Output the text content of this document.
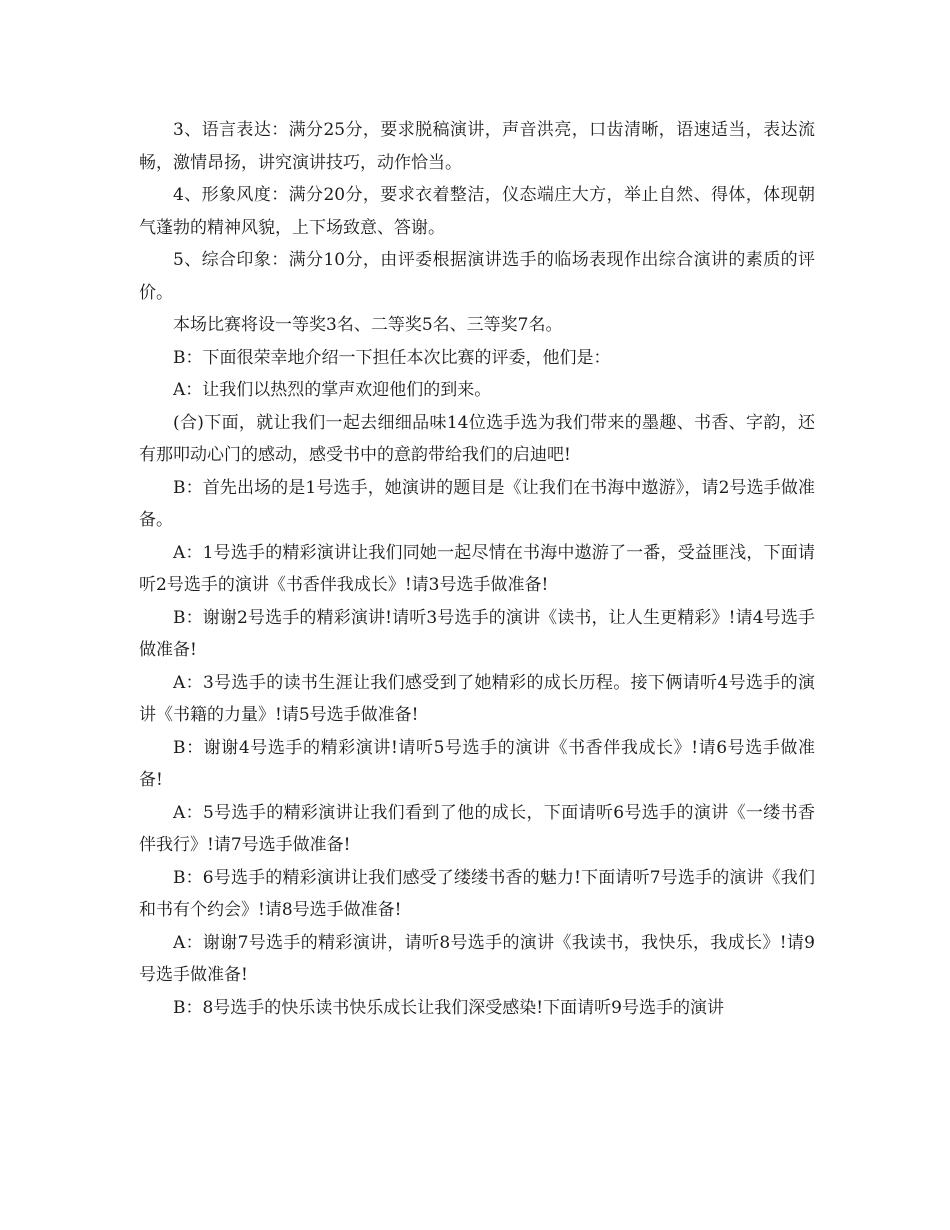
3、语言表达：满分25分，要求脱稿演讲，声音洪亮，口齿清晰，语速适当，表达流畅，激情昂扬，讲究演讲技巧，动作恰当。

4、形象风度：满分20分，要求衣着整洁，仪态端庄大方，举止自然、得体，体现朝气蓬勃的精神风貌，上下场致意、答谢。

5、综合印象：满分10分，由评委根据演讲选手的临场表现作出综合演讲的素质的评价。

本场比赛将设一等奖3名、二等奖5名、三等奖7名。

B：下面很荣幸地介绍一下担任本次比赛的评委，他们是：

A：让我们以热烈的掌声欢迎他们的到来。

(合)下面，就让我们一起去细细品味14位选手选为我们带来的墨趣、书香、字韵，还有那叩动心门的感动，感受书中的意韵带给我们的启迪吧!

B：首先出场的是1号选手，她演讲的题目是《让我们在书海中遨游》，请2号选手做准备。

A：1号选手的精彩演讲让我们同她一起尽情在书海中遨游了一番，受益匪浅，下面请听2号选手的演讲《书香伴我成长》!请3号选手做准备!

B：谢谢2号选手的精彩演讲!请听3号选手的演讲《读书，让人生更精彩》!请4号选手做准备!

A：3号选手的读书生涯让我们感受到了她精彩的成长历程。接下俩请听4号选手的演讲《书籍的力量》!请5号选手做准备!

B：谢谢4号选手的精彩演讲!请听5号选手的演讲《书香伴我成长》!请6号选手做准备!

A：5号选手的精彩演讲让我们看到了他的成长，下面请听6号选手的演讲《一缕书香伴我行》!请7号选手做准备!

B：6号选手的精彩演讲让我们感受了缕缕书香的魅力!下面请听7号选手的演讲《我们和书有个约会》!请8号选手做准备!

A：谢谢7号选手的精彩演讲，请听8号选手的演讲《我读书，我快乐，我成长》!请9号选手做准备!

B：8号选手的快乐读书快乐成长让我们深受感染!下面请听9号选手的演讲
